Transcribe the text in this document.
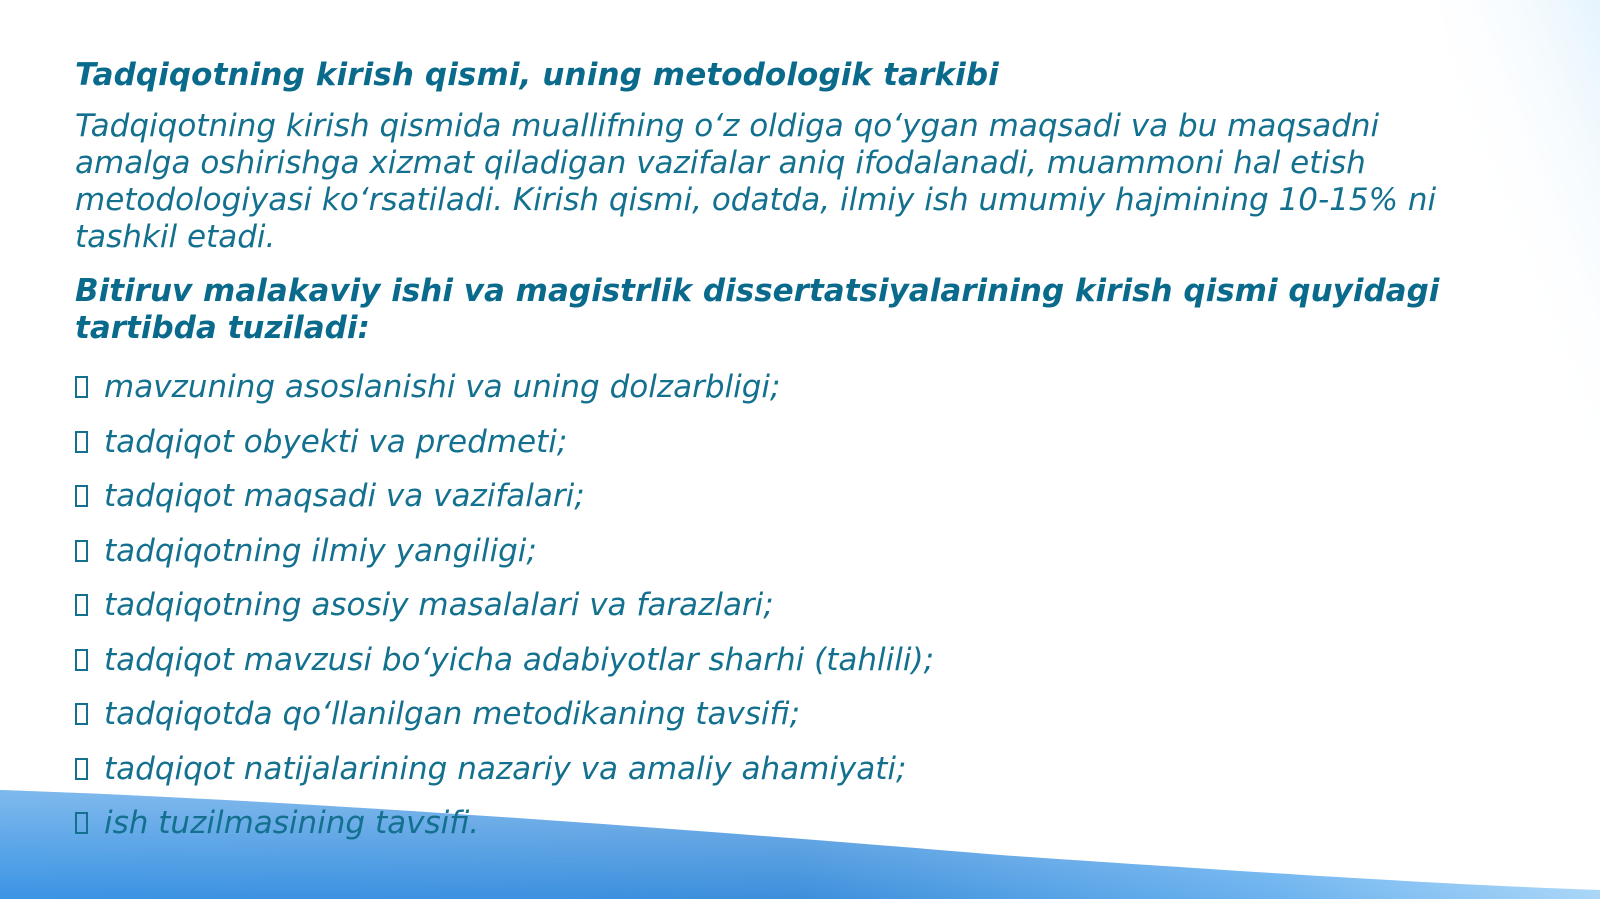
Tadqiqotning kirish qismi, uning metodologik tarkibi

Tadqiqotning kirish qismida muallifning o‘z oldiga qo‘ygan maqsadi va bu maqsadni amalga oshirishga xizmat qiladigan vazifalar aniq ifodalanadi, muammoni hal etish metodologiyasi ko‘rsatiladi. Kirish qismi, odatda, ilmiy ish umumiy hajmining 10-15% ni tashkil etadi.

Bitiruv malakaviy ishi va magistrlik dissertatsiyalarining kirish qismi quyidagi tartibda tuziladi:

mavzuning asoslanishi va uning dolzarbligi;
tadqiqot obyekti va predmeti;
tadqiqot maqsadi va vazifalari;
tadqiqotning ilmiy yangiligi;
tadqiqotning asosiy masalalari va farazlari;
tadqiqot mavzusi bo‘yicha adabiyotlar sharhi (tahlili);
tadqiqotda qo‘llanilgan metodikaning tavsifi;
tadqiqot natijalarining nazariy va amaliy ahamiyati;
ish tuzilmasining tavsifi.
